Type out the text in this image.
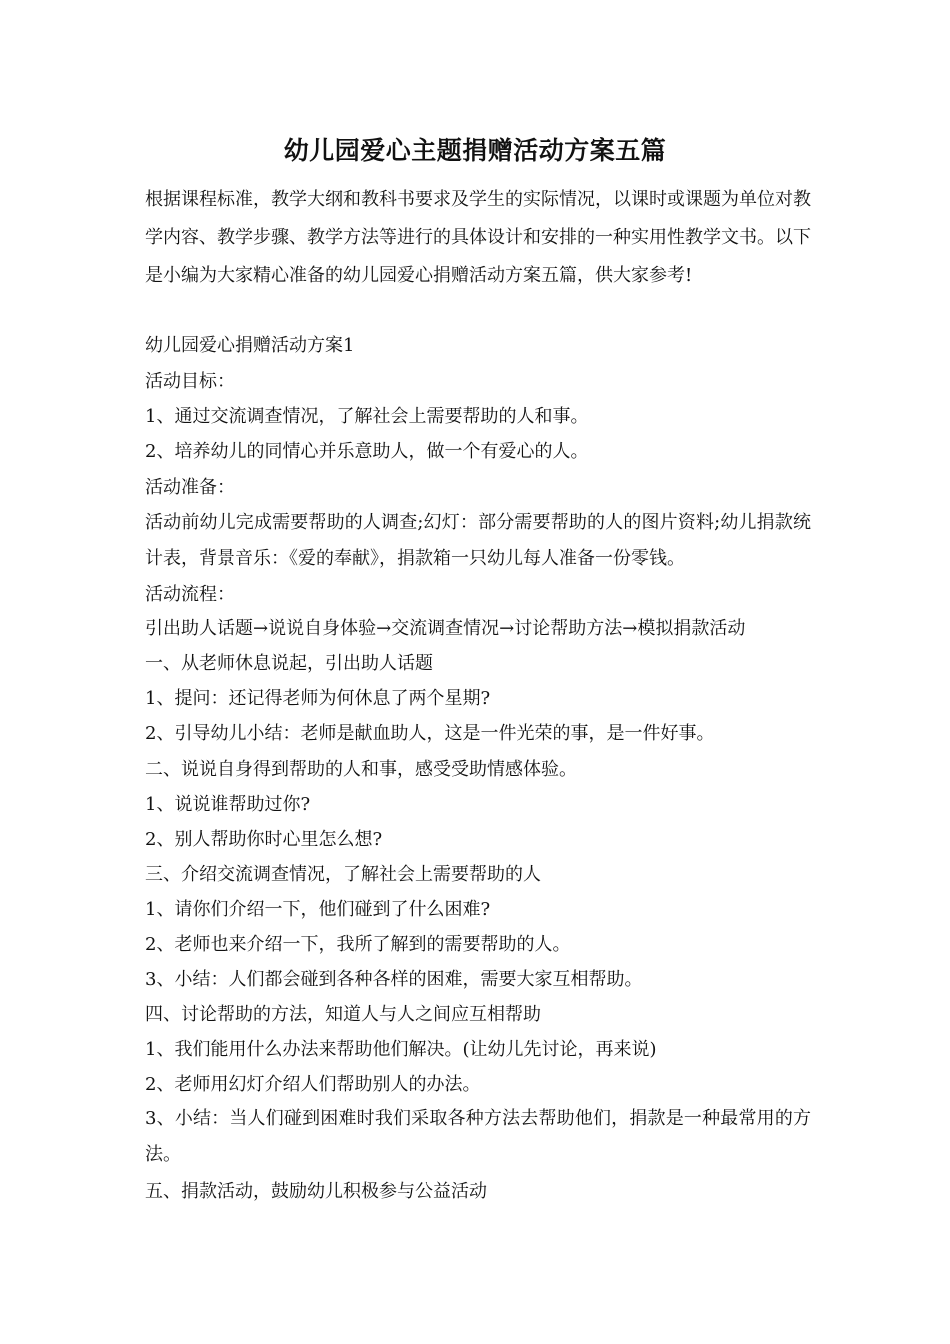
幼儿园爱心主题捐赠活动方案五篇
根据课程标准，教学大纲和教科书要求及学生的实际情况，以课时或课题为单位对教学内容、教学步骤、教学方法等进行的具体设计和安排的一种实用性教学文书。以下是小编为大家精心准备的幼儿园爱心捐赠活动方案五篇，供大家参考!
幼儿园爱心捐赠活动方案1
活动目标：
1、通过交流调查情况，了解社会上需要帮助的人和事。
2、培养幼儿的同情心并乐意助人，做一个有爱心的人。
活动准备：
活动前幼儿完成需要帮助的人调查;幻灯：部分需要帮助的人的图片资料;幼儿捐款统计表，背景音乐：《爱的奉献》，捐款箱一只幼儿每人准备一份零钱。
活动流程：
引出助人话题→说说自身体验→交流调查情况→讨论帮助方法→模拟捐款活动
一、从老师休息说起，引出助人话题
1、提问：还记得老师为何休息了两个星期?
2、引导幼儿小结：老师是献血助人，这是一件光荣的事，是一件好事。
二、说说自身得到帮助的人和事，感受受助情感体验。
1、说说谁帮助过你?
2、别人帮助你时心里怎么想?
三、介绍交流调查情况，了解社会上需要帮助的人
1、请你们介绍一下，他们碰到了什么困难?
2、老师也来介绍一下，我所了解到的需要帮助的人。
3、小结：人们都会碰到各种各样的困难，需要大家互相帮助。
四、讨论帮助的方法，知道人与人之间应互相帮助
1、我们能用什么办法来帮助他们解决。(让幼儿先讨论，再来说)
2、老师用幻灯介绍人们帮助别人的办法。
3、小结：当人们碰到困难时我们采取各种方法去帮助他们，捐款是一种最常用的方法。
五、捐款活动，鼓励幼儿积极参与公益活动
